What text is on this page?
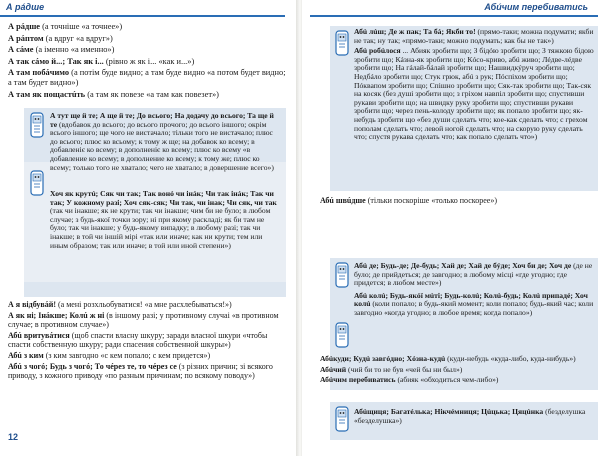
А рáдше
12
Абúчим перебиватись

А рáдше (а точніше «а точнее»)

А рáптом (а вдруг «а вдруг»)

А сáме (а іменно «а именно»)

А так сáмо й...; Так як і... (рівно ж як і... «как и...»)

А там побáчимо (а потім буде видно; а там буде видно «а потом будет видно; а там будет видно»)

А там як пощастúть (а там як повезе «а там как повезет»)

А тут ще й те; А ще й те; До всього; На додачу до всього; Та ще й те (вдобавок до всього; до всього прочого; до всього іншого; окрім всього іншого; ще чого не вистачало; тільки того не вистачало; плюс до всього; плюс ко всьому; к тому ж ще; на добавок ко всему; в добавленіє ко всему; в дополненіє ко всему; плюс ко всему «в добавление ко всему; в дополнение ко всему; к тому же; плюс ко всему; только того не хватало; чего не хватало; в довершение всего»)

Хоч як крутú; Сяк чи так; Так вонó чи інáк; Чи так інáк; Так чи так; У кожному разі; Хоч сяк-сяк; Чи так, чи інак; Чи сяк, чи так (так чи інакше; як не крути; так чи інакше; чим би не було; в любом случае; з будь-якої точки зору; ні при якому раскладі; як би там не було; так чи інакше; у будь-якому випадку; в любому разі; так чи інакше; в той чи іншій мірі «так или иначе; как ни крути; тем или иным образом; так или иначе; в той или иной степени»)

А я відбувáй! (а мені розхльобуватися! «а мне расхлебываться!»)

А як ні; Інáкше; Колú ж ні (в іншому разі; у противному случаі «в противном случае; в противном случае»)

Абú вритувáтися (щоб спасти власну шкуру; заради власної шкури «чтобы спасти собственную шкуру; ради спасения собственной шкуры»)

Абú з ким (з ким завгодно «с кем попало; с кем придется»)

Абú з чогó; Будь з чогó; То чéрез те, то чéрез се (з різних причин; зі всякого приводу, з кожного приводу «по разным причинам; по всякому поводу»)

Абú лúш; Де ж пак; Та бá; Якби то! (прямо-таки; можна подумати; якби не так; ну так; «прямо-таки; можно подумать; как бы не так»)

Абú робúлося ... Абияк зробити що; З бідóю зробити що; З тяжкою бідою зробити що; Кáзна-як зробити що; Кóсо-криво, абú живо; Лéдве-лéдве зробити що; На гáлай-бáлай зробити що; Нашвидкýруч зробити що; Недбáло зробити що; Стук грюк, абú з рук; Пóспіхом зробити що; Пóквапом зробити що; Спішно зробити що; Сяк-так зробити що; Так-сяк на косяк (без душі зробити що; з гріхом навпіл зробити що; спустивши рукави зробити що; на швидку руку зробити що; спустивши рукави зробити що; через пень-колоду зробити що; як попало зробити що; як-небудь зробити що «без души сделать что; кое-как сделать что; с грехом пополам сделать что; левой ногой сделать что; на скорую руку сделать что; спустя рукава сделать что; как попало сделать что»)

Абú швúдше (тільки поскоріше «только поскорее»)

Абú де; Будь-де; Де-будь; Хай де; Хай де бýде; Хоч би де; Хоч де (де не було; де прийдеться; де завгодно; в любому місці «где угодно; где придется; в любом месте»)

Абú колú; Будь-якóї мúті; Будь-колú; Колú-будь; Колú припадé; Хоч колú (коли попало; в будь-який момент; коли попало; будь-який час; коли завгодно «когда угодно; в любое время; когда попало»)

Абúкуди; Кудú завгóдно; Хóзна-кудú (куди-небудь «куда-либо, куда-нибудь»)

Абúчий (чий би то не був «чей бы ни был»)

Абúчим перебиватись (абияк «обходиться чем-либо»)

Абúщиця; Багатéлька; Нікчéмниця; Цúцька; Цяцúнка (безделушка «безделушка»)
